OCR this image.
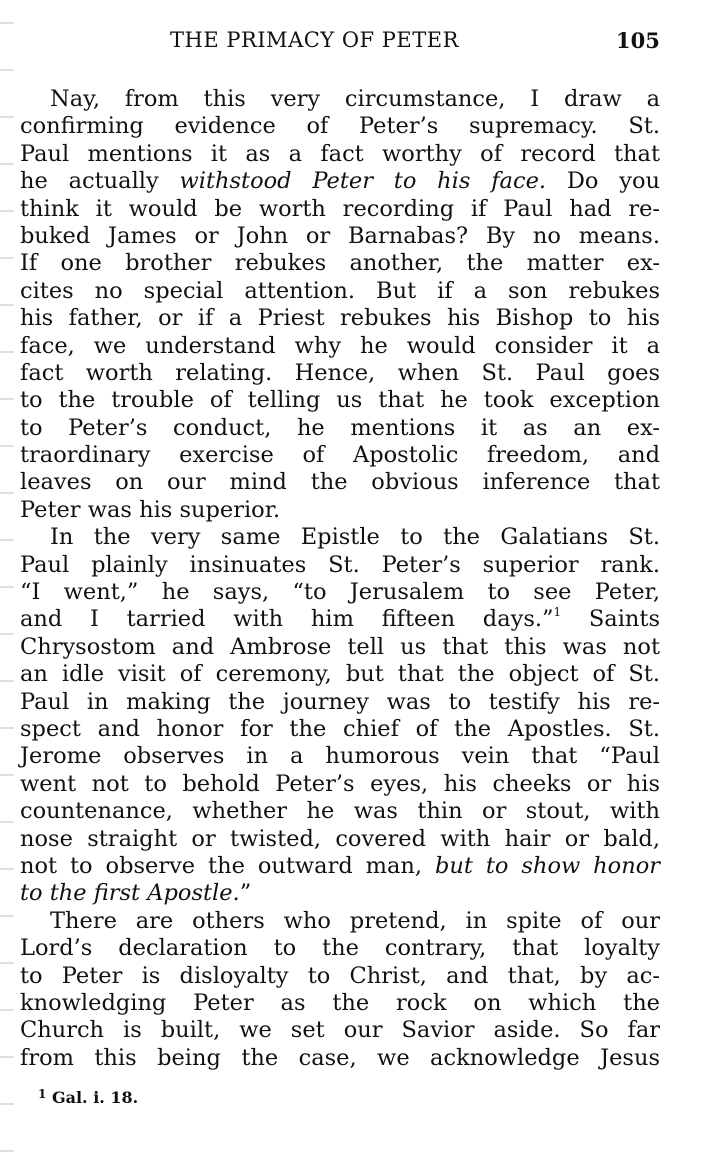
THE PRIMACY OF PETER	105
Nay, from this very circumstance, I draw a
confirming evidence of Peter’s supremacy. St.
Paul mentions it as a fact worthy of record that
he actually withstood Peter to his face. Do you
think it would be worth recording if Paul had re-
buked James or John or Barnabas? By no means.
If one brother rebukes another, the matter ex-
cites no special attention. But if a son rebukes
his father, or if a Priest rebukes his Bishop to his
face, we understand why he would consider it a
fact worth relating. Hence, when St. Paul goes
to the trouble of telling us that he took exception
to Peter’s conduct, he mentions it as an ex-
traordinary exercise of Apostolic freedom, and
leaves on our mind the obvious inference that
Peter was his superior.
In the very same Epistle to the Galatians St.
Paul plainly insinuates St. Peter’s superior rank.
“I went,” he says, “to Jerusalem to see Peter,
and I tarried with him fifteen days.”$^1$ Saints
Chrysostom and Ambrose tell us that this was not
an idle visit of ceremony, but that the object of St.
Paul in making the journey was to testify his re-
spect and honor for the chief of the Apostles. St.
Jerome observes in a humorous vein that “Paul
went not to behold Peter’s eyes, his cheeks or his
countenance, whether he was thin or stout, with
nose straight or twisted, covered with hair or bald,
not to observe the outward man, but to show honor
to the first Apostle.”
There are others who pretend, in spite of our
Lord’s declaration to the contrary, that loyalty
to Peter is disloyalty to Christ, and that, by ac-
knowledging Peter as the rock on which the
Church is built, we set our Savior aside. So far
from this being the case, we acknowledge Jesus
$^1$ Gal. i. 18.
